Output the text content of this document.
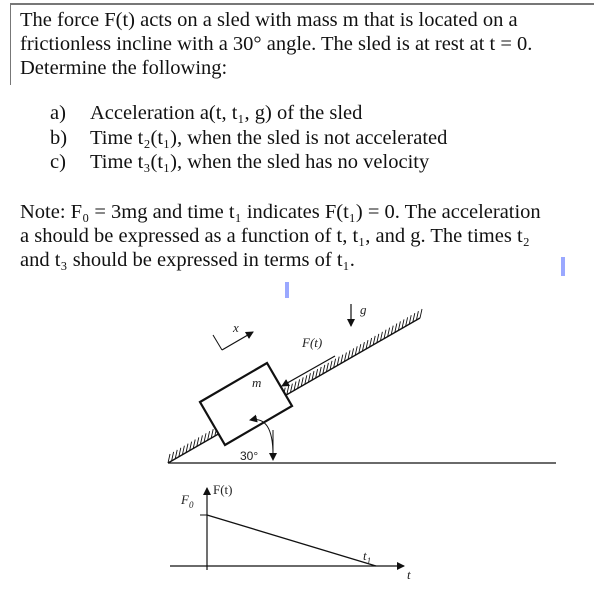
The force F(t) acts on a sled with mass m that is located on a
frictionless incline with a 30° angle. The sled is at rest at t = 0.
Determine the following:
a) Acceleration a(t, t₁, g) of the sled
b) Time t₂(t₁), when the sled is not accelerated
c) Time t₃(t₁), when the sled has no velocity
Note: F₀ = 3mg and time t₁ indicates F(t₁) = 0. The acceleration
a should be expressed as a function of t, t₁, and g. The times t₂
and t₃ should be expressed in terms of t₁.
m
x
F(t)
g
30°
F(t)
t
$F_0$
$t_1$
